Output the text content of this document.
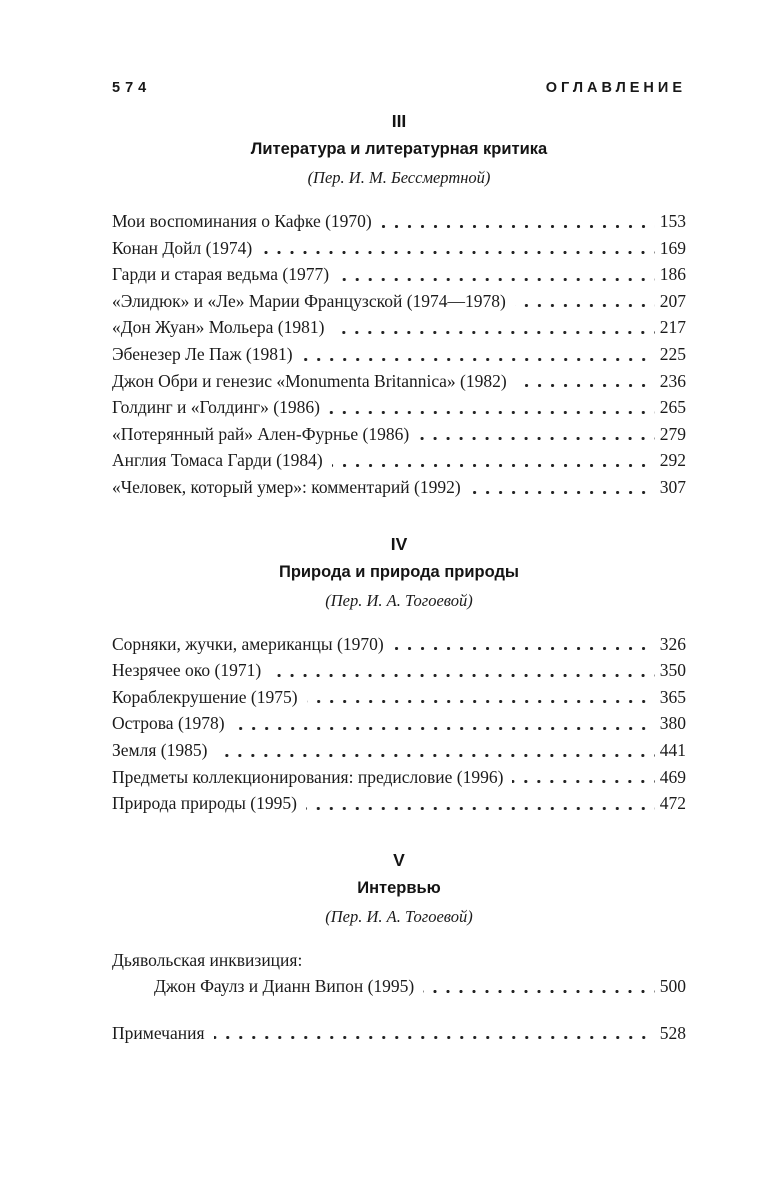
574	ОГЛАВЛЕНИЕ
III
Литература и литературная критика
(Пер. И. М. Бессмертной)
Мои воспоминания о Кафке (1970)	153
Конан Дойл (1974)	169
Гарди и старая ведьма (1977)	186
«Элидюк» и «Ле» Марии Французской (1974—1978)	207
«Дон Жуан» Мольера (1981)	217
Эбенезер Ле Паж (1981)	225
Джон Обри и генезис «Monumenta Britannica» (1982)	236
Голдинг и «Голдинг» (1986)	265
«Потерянный рай» Ален-Фурнье (1986)	279
Англия Томаса Гарди (1984)	292
«Человек, который умер»: комментарий (1992)	307
IV
Природа и природа природы
(Пер. И. А. Тогоевой)
Сорняки, жучки, американцы (1970)	326
Незрячее око (1971)	350
Кораблекрушение (1975)	365
Острова (1978)	380
Земля (1985)	441
Предметы коллекционирования: предисловие (1996)	469
Природа природы (1995)	472
V
Интервью
(Пер. И. А. Тогоевой)
Дьявольская инквизиция:
Джон Фаулз и Дианн Випон (1995)	500
Примечания	528
